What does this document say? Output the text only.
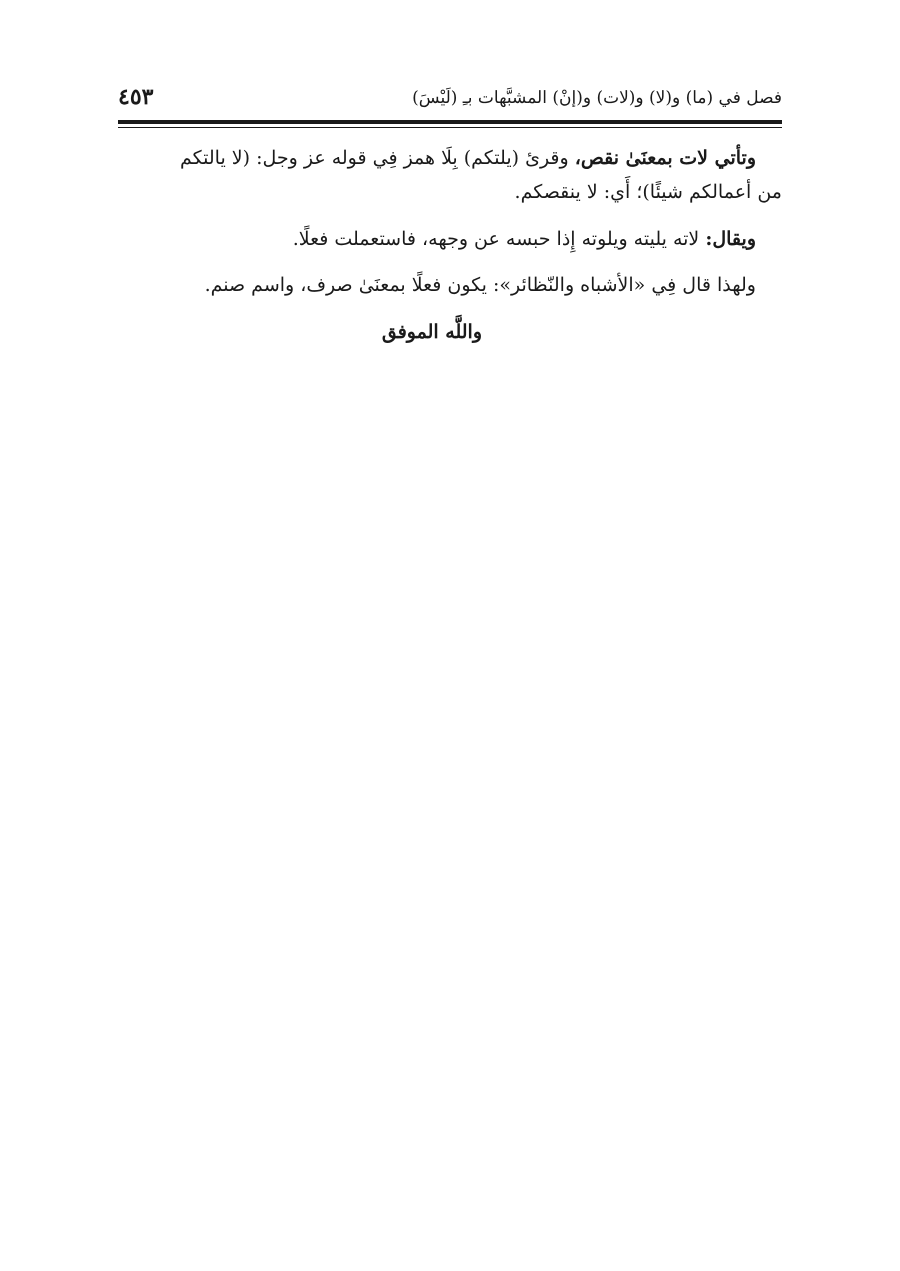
فصل في (ما) و(لا) و(لات) و(إنْ) المشبَّهات بـِ (لَيْسَ)
٤٥٣
وتأتي لات بمعنَىٰ نقص، وقرئ (يلتكم) بِلَا همز فِي قوله عز وجل: (لا يالتكم
من أعمالكم شيئًا)؛ أَي: لا ينقصكم.
ويقال: لاته يليته ويلوته إِذا حبسه عن وجهه، فاستعملت فعلًا.
ولهذا قال فِي «الأشباه والنّظائر»: يكون فعلًا بمعنَىٰ صرف، واسم صنم.
واللَّه الموفق
